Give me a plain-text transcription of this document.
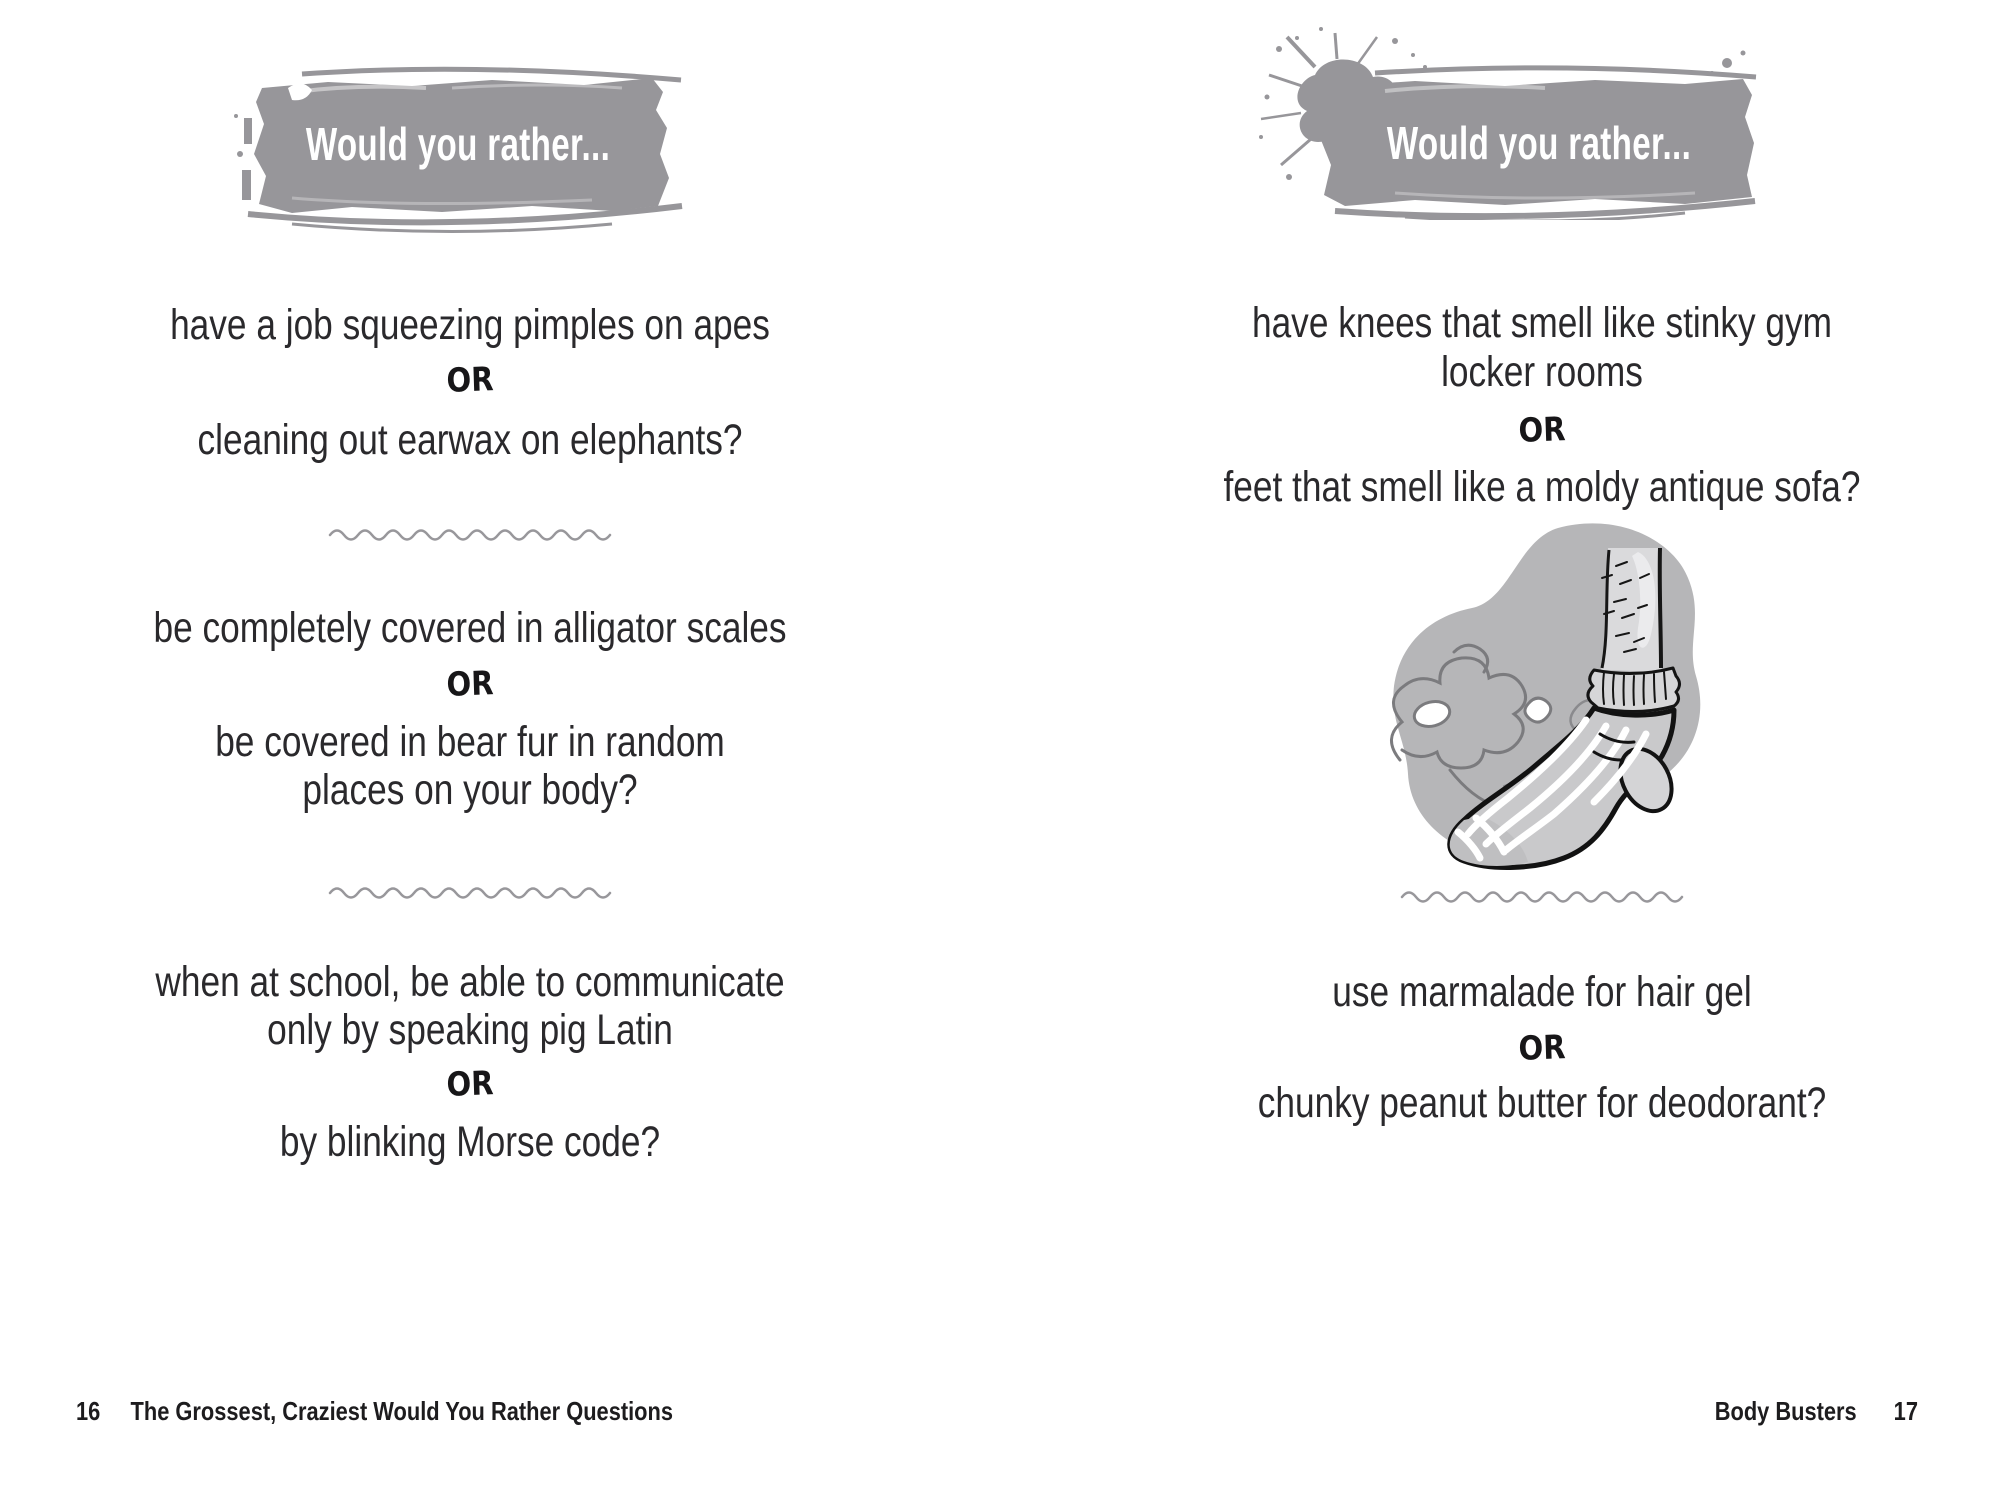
Would you rather...
have a job squeezing pimples on apes
OR
cleaning out earwax on elephants?
be completely covered in alligator scales
OR
be covered in bear fur in random
places on your body?
when at school, be able to communicate
only by speaking pig Latin
OR
by blinking Morse code?
16 The Grossest, Craziest Would You Rather Questions
Would you rather...
have knees that smell like stinky gym
locker rooms
OR
feet that smell like a moldy antique sofa?
use marmalade for hair gel
OR
chunky peanut butter for deodorant?
Body Busters 17
